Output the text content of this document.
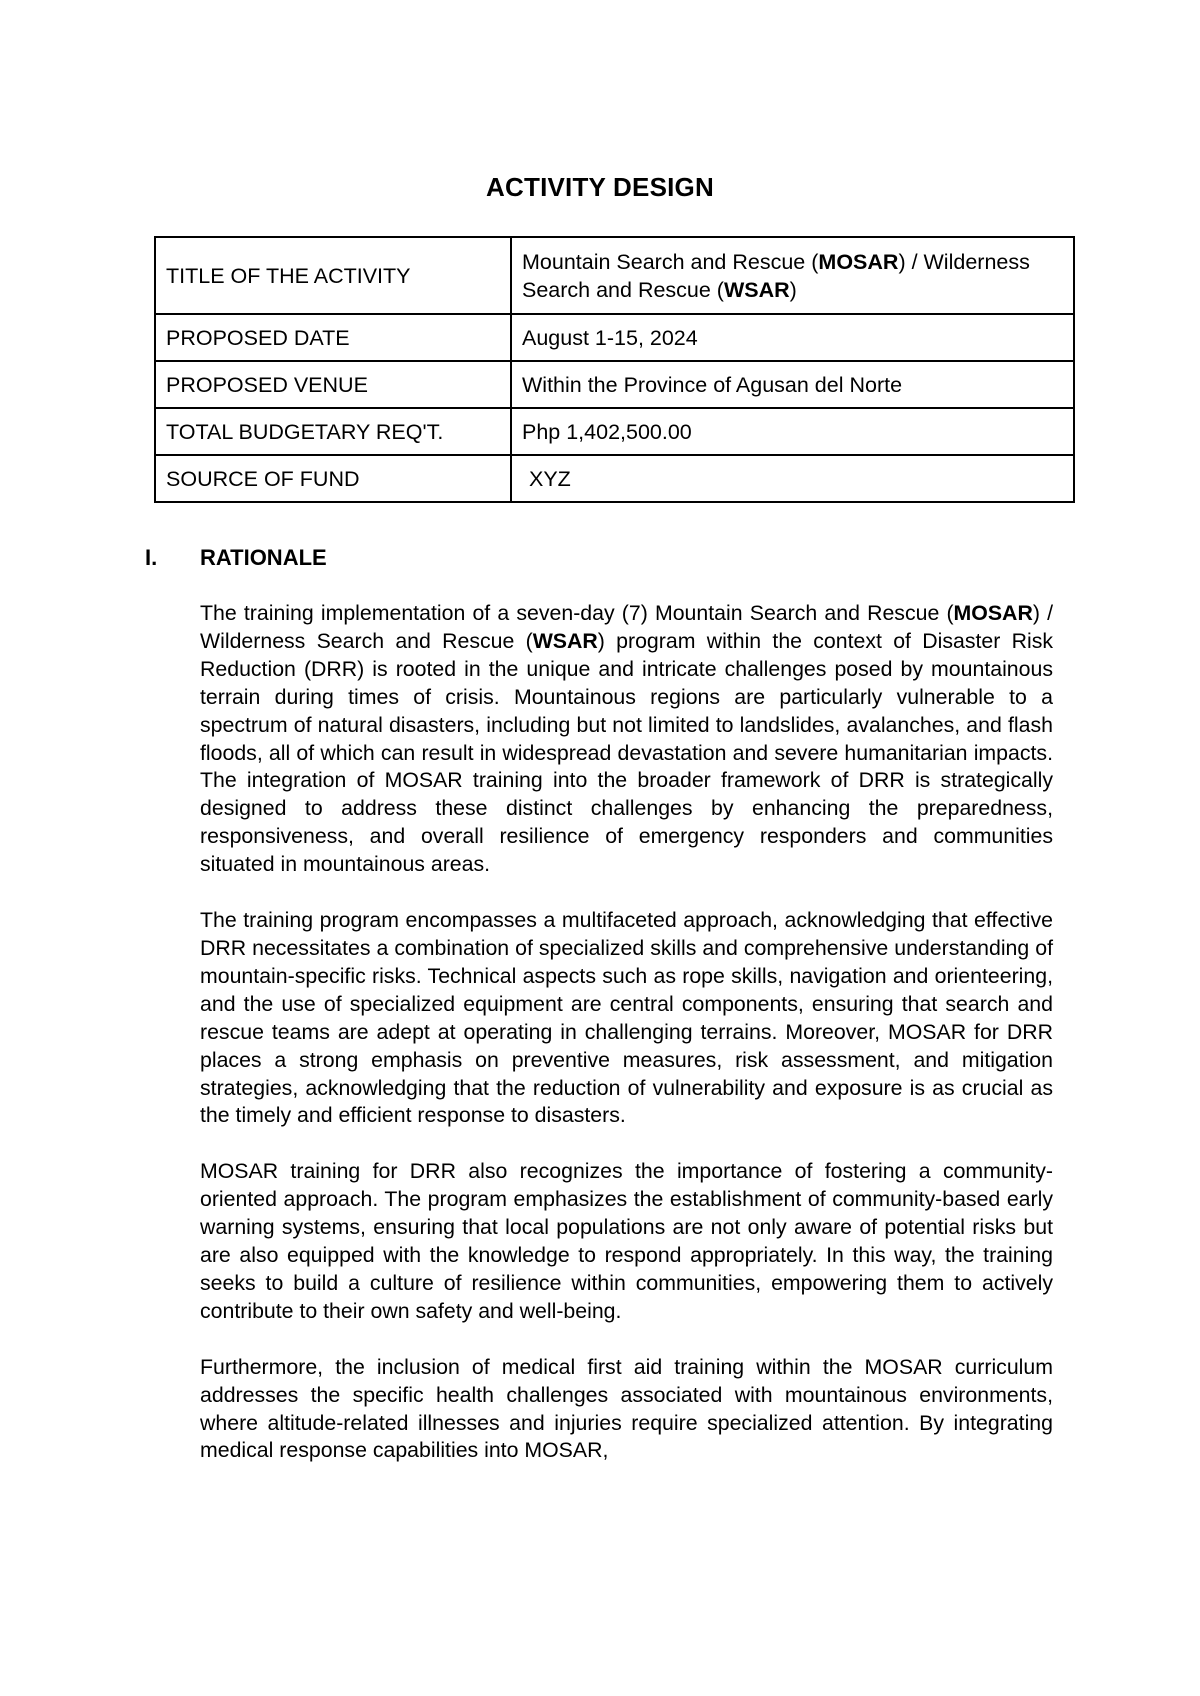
ACTIVITY DESIGN
TITLE OF THE ACTIVITY	Mountain Search and Rescue (MOSAR) / Wilderness Search and Rescue (WSAR)
PROPOSED DATE	August 1-15, 2024
PROPOSED VENUE	Within the Province of Agusan del Norte
TOTAL BUDGETARY REQ'T.	Php 1,402,500.00
SOURCE OF FUND	XYZ
I. RATIONALE

The training implementation of a seven-day (7) Mountain Search and Rescue (MOSAR) / Wilderness Search and Rescue (WSAR) program within the context of Disaster Risk Reduction (DRR) is rooted in the unique and intricate challenges posed by mountainous terrain during times of crisis. Mountainous regions are particularly vulnerable to a spectrum of natural disasters, including but not limited to landslides, avalanches, and flash floods, all of which can result in widespread devastation and severe humanitarian impacts. The integration of MOSAR training into the broader framework of DRR is strategically designed to address these distinct challenges by enhancing the preparedness, responsiveness, and overall resilience of emergency responders and communities situated in mountainous areas.

The training program encompasses a multifaceted approach, acknowledging that effective DRR necessitates a combination of specialized skills and comprehensive understanding of mountain-specific risks. Technical aspects such as rope skills, navigation and orienteering, and the use of specialized equipment are central components, ensuring that search and rescue teams are adept at operating in challenging terrains. Moreover, MOSAR for DRR places a strong emphasis on preventive measures, risk assessment, and mitigation strategies, acknowledging that the reduction of vulnerability and exposure is as crucial as the timely and efficient response to disasters.

MOSAR training for DRR also recognizes the importance of fostering a community-oriented approach. The program emphasizes the establishment of community-based early warning systems, ensuring that local populations are not only aware of potential risks but are also equipped with the knowledge to respond appropriately. In this way, the training seeks to build a culture of resilience within communities, empowering them to actively contribute to their own safety and well-being.

Furthermore, the inclusion of medical first aid training within the MOSAR curriculum addresses the specific health challenges associated with mountainous environments, where altitude-related illnesses and injuries require specialized attention. By integrating medical response capabilities into MOSAR,
